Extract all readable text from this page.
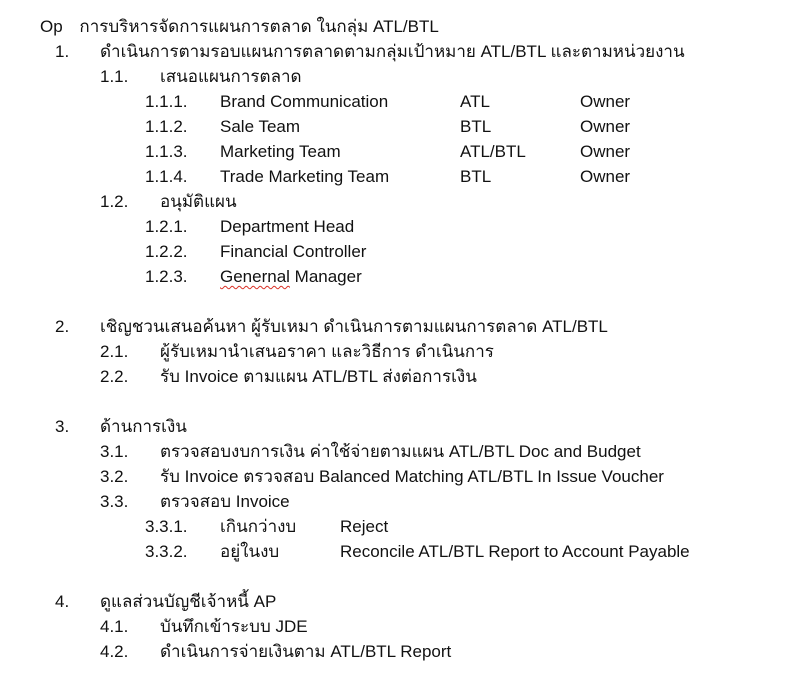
Op การบริหารจัดการแผนการตลาด ในกลุ่ม ATL/BTL
1. ดำเนินการตามรอบแผนการตลาดตามกลุ่มเป้าหมาย ATL/BTL และตามหน่วยงาน
1.1. เสนอแผนการตลาด
1.1.1. Brand Communication	ATL	Owner
1.1.2. Sale Team	BTL	Owner
1.1.3. Marketing Team	ATL/BTL	Owner
1.1.4. Trade Marketing Team	BTL	Owner
1.2. อนุมัติแผน
1.2.1. Department Head
1.2.2. Financial Controller
1.2.3. Genernal Manager
2. เชิญชวนเสนอค้นหา ผู้รับเหมา ดำเนินการตามแผนการตลาด ATL/BTL
2.1. ผู้รับเหมานำเสนอราคา และวิธีการ ดำเนินการ
2.2. รับ Invoice ตามแผน ATL/BTL ส่งต่อการเงิน
3. ด้านการเงิน
3.1. ตรวจสอบงบการเงิน ค่าใช้จ่ายตามแผน ATL/BTL Doc and Budget
3.2. รับ Invoice ตรวจสอบ Balanced Matching ATL/BTL In Issue Voucher
3.3. ตรวจสอบ Invoice
3.3.1. เกินกว่างบ	Reject
3.3.2. อยู่ในงบ	Reconcile ATL/BTL Report to Account Payable
4. ดูแลส่วนบัญชีเจ้าหนี้ AP
4.1. บันทึกเข้าระบบ JDE
4.2. ดำเนินการจ่ายเงินตาม ATL/BTL Report
